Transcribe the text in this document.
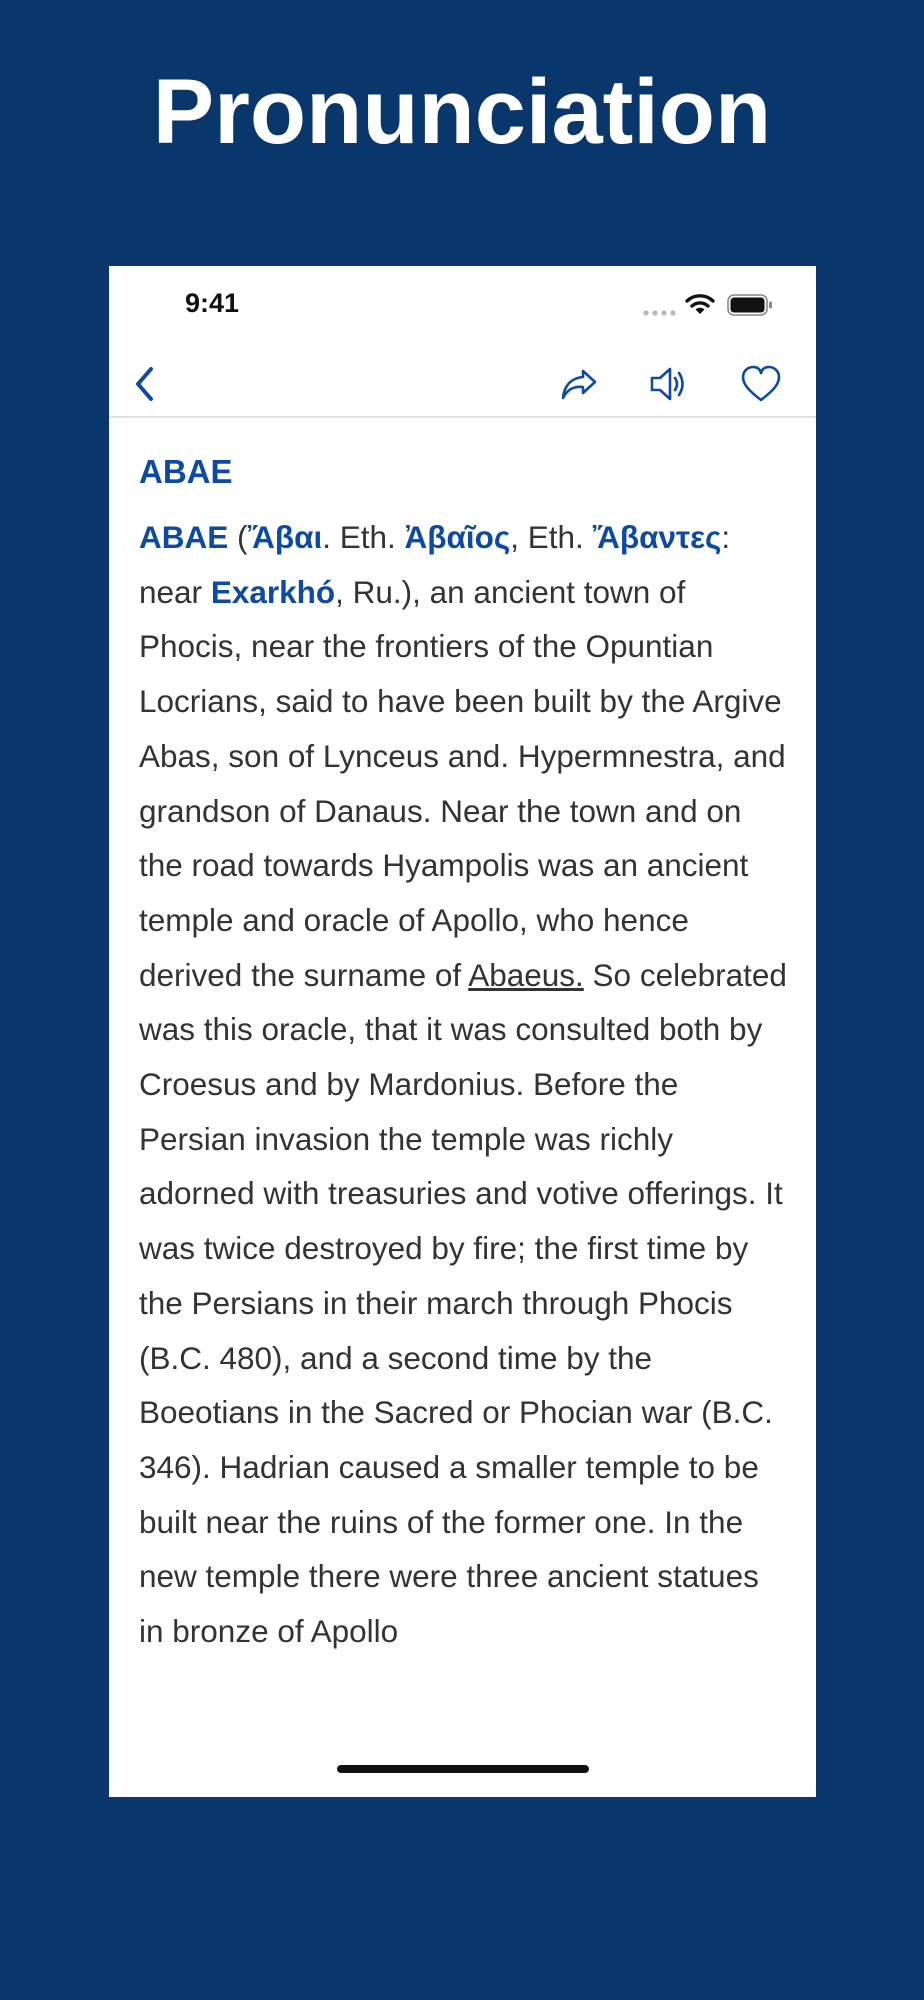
Pronunciation
9:41
ABAE

ABAE (Ἄβαι. Eth. Ἀβαῖος, Eth. Ἄβαντες: near Exarkhó, Ru.), an ancient town of Phocis, near the frontiers of the Opuntian Locrians, said to have been built by the Argive Abas, son of Lynceus and. Hypermnestra, and grandson of Danaus. Near the town and on the road towards Hyampolis was an ancient temple and oracle of Apollo, who hence derived the surname of Abaeus. So celebrated was this oracle, that it was consulted both by Croesus and by Mardonius. Before the Persian invasion the temple was richly adorned with treasuries and votive offerings. It was twice destroyed by fire; the first time by the Persians in their march through Phocis (B.C. 480), and a second time by the Boeotians in the Sacred or Phocian war (B.C. 346). Hadrian caused a smaller temple to be built near the ruins of the former one. In the new temple there were three ancient statues in bronze of Apollo
